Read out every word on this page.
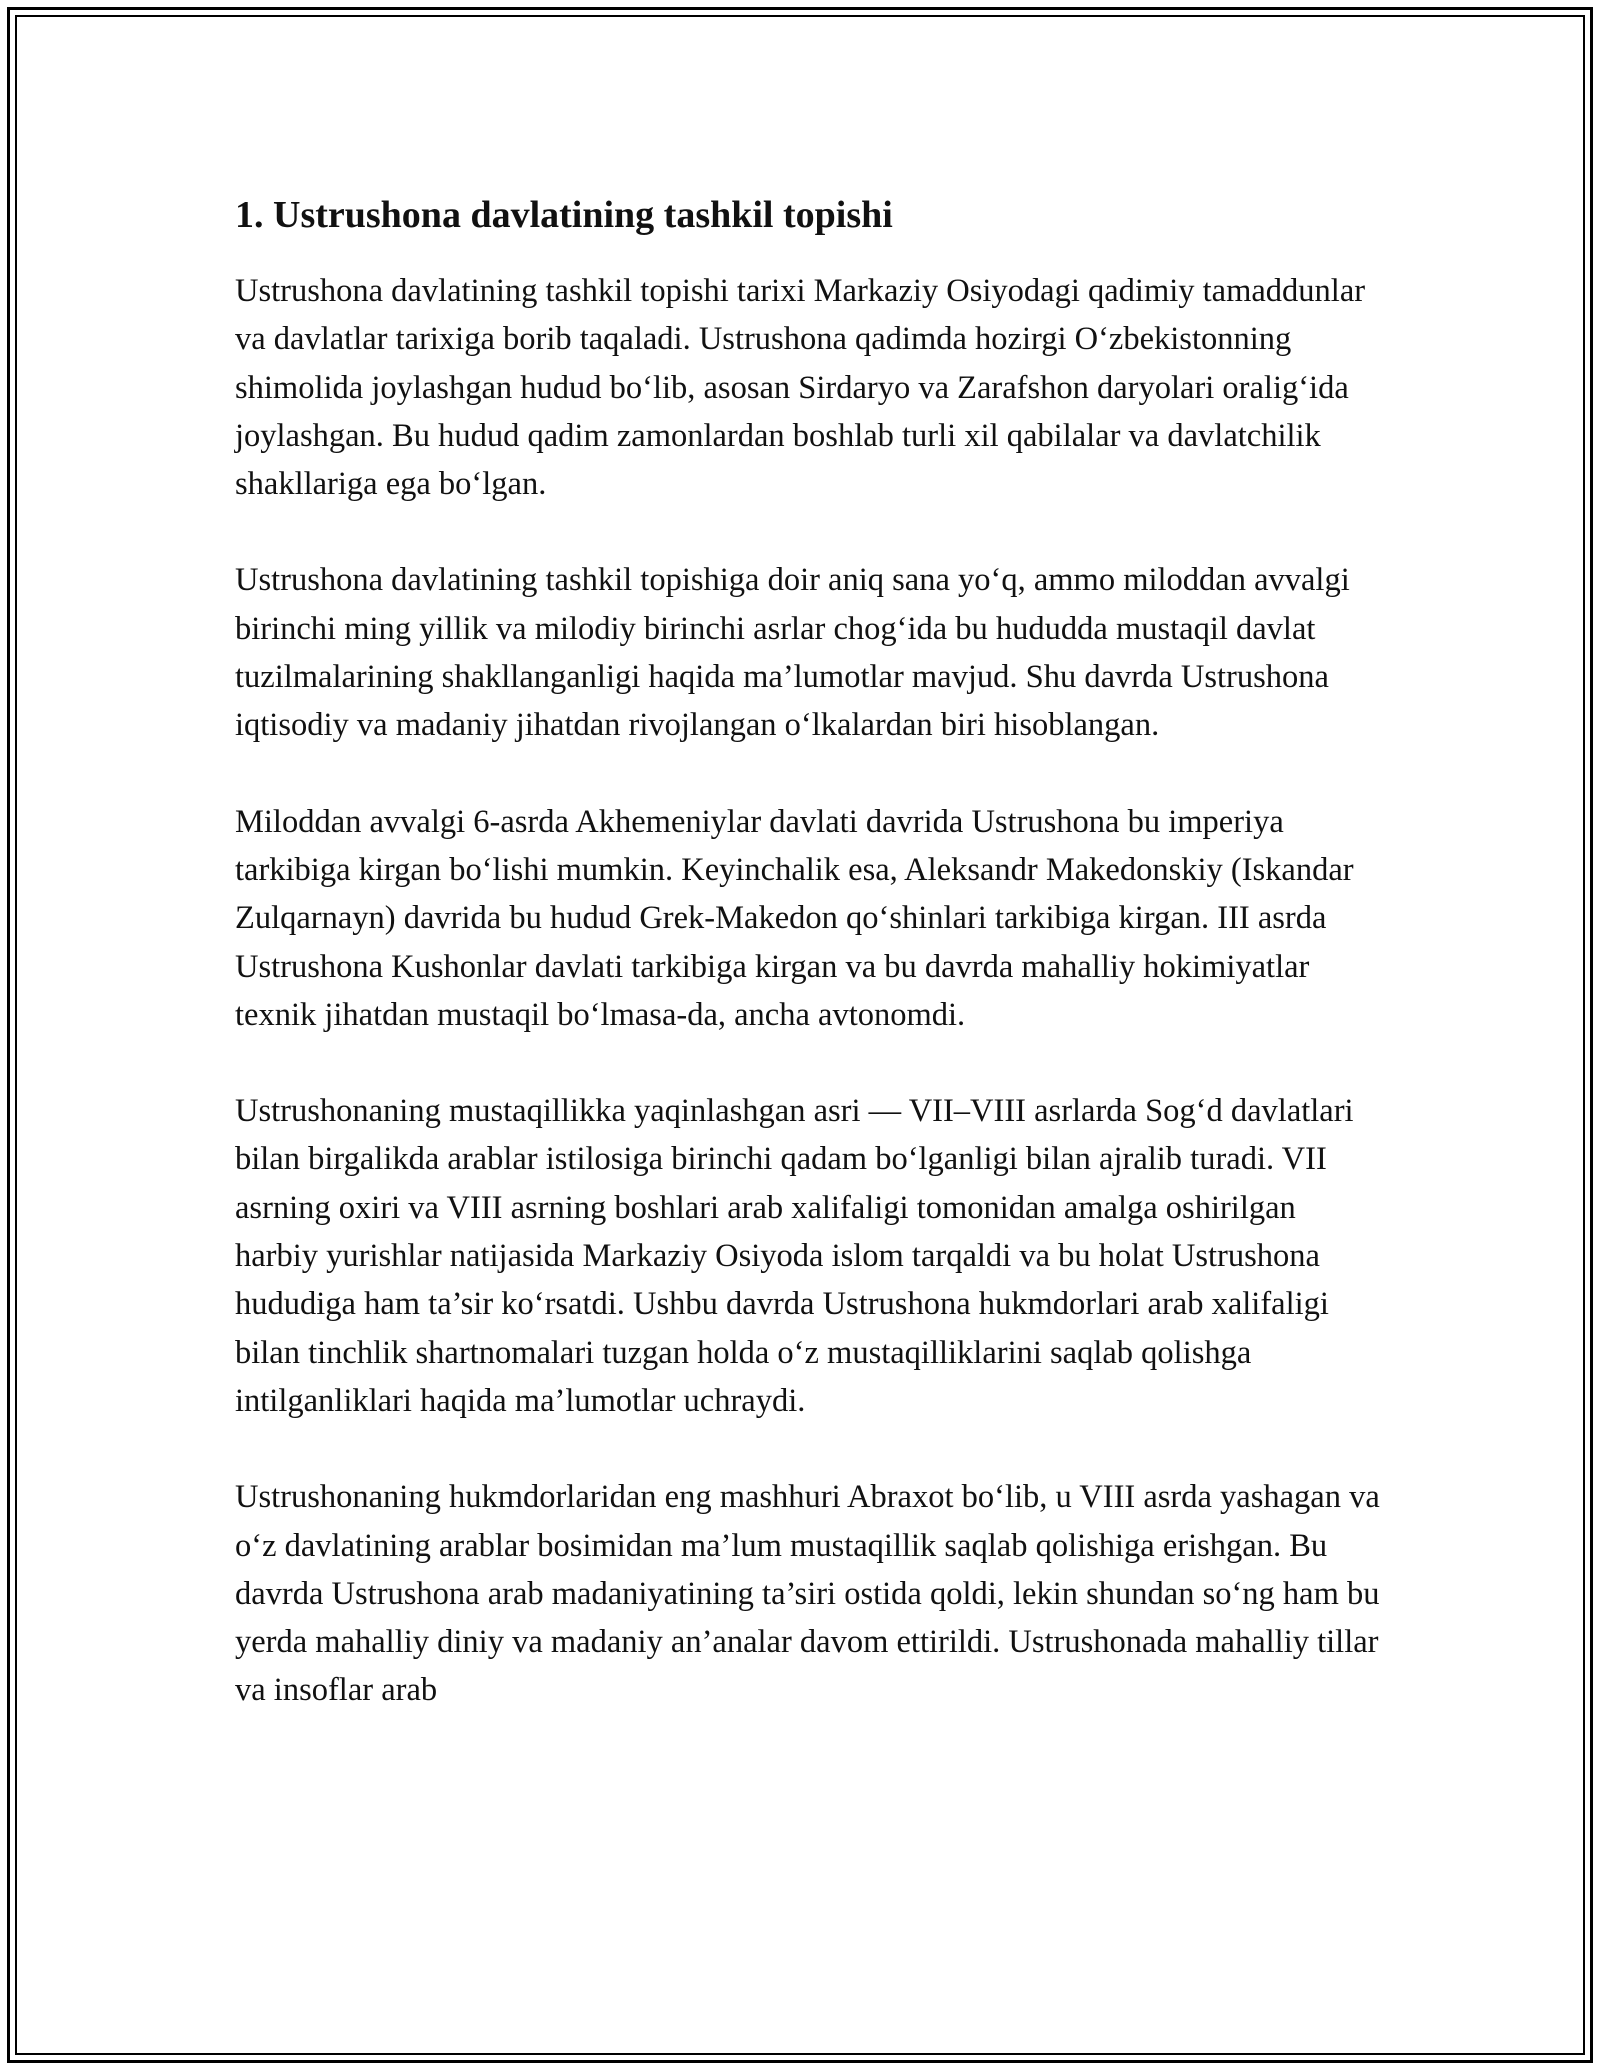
1. Ustrushona davlatining tashkil topishi

Ustrushona davlatining tashkil topishi tarixi Markaziy Osiyodagi qadimiy tamaddunlar va davlatlar tarixiga borib taqaladi. Ustrushona qadimda hozirgi O‘zbekistonning shimolida joylashgan hudud bo‘lib, asosan Sirdaryo va Zarafshon daryolari oralig‘ida joylashgan. Bu hudud qadim zamonlardan boshlab turli xil qabilalar va davlatchilik shakllariga ega bo‘lgan.

Ustrushona davlatining tashkil topishiga doir aniq sana yo‘q, ammo miloddan avvalgi birinchi ming yillik va milodiy birinchi asrlar chog‘ida bu hududda mustaqil davlat tuzilmalarining shakllanganligi haqida ma’lumotlar mavjud. Shu davrda Ustrushona iqtisodiy va madaniy jihatdan rivojlangan o‘lkalardan biri hisoblangan.

Miloddan avvalgi 6-asrda Akhemeniylar davlati davrida Ustrushona bu imperiya tarkibiga kirgan bo‘lishi mumkin. Keyinchalik esa, Aleksandr Makedonskiy (Iskandar Zulqarnayn) davrida bu hudud Grek-Makedon qo‘shinlari tarkibiga kirgan. III asrda Ustrushona Kushonlar davlati tarkibiga kirgan va bu davrda mahalliy hokimiyatlar texnik jihatdan mustaqil bo‘lmasa-da, ancha avtonomdi.

Ustrushonaning mustaqillikka yaqinlashgan asri — VII–VIII asrlarda Sog‘d davlatlari bilan birgalikda arablar istilosiga birinchi qadam bo‘lganligi bilan ajralib turadi. VII asrning oxiri va VIII asrning boshlari arab xalifaligi tomonidan amalga oshirilgan harbiy yurishlar natijasida Markaziy Osiyoda islom tarqaldi va bu holat Ustrushona hududiga ham ta’sir ko‘rsatdi. Ushbu davrda Ustrushona hukmdorlari arab xalifaligi bilan tinchlik shartnomalari tuzgan holda o‘z mustaqilliklarini saqlab qolishga intilganliklari haqida ma’lumotlar uchraydi.

Ustrushonaning hukmdorlaridan eng mashhuri Abraxot bo‘lib, u VIII asrda yashagan va o‘z davlatining arablar bosimidan ma’lum mustaqillik saqlab qolishiga erishgan. Bu davrda Ustrushona arab madaniyatining ta’siri ostida qoldi, lekin shundan so‘ng ham bu yerda mahalliy diniy va madaniy an’analar davom ettirildi. Ustrushonada mahalliy tillar va insoflar arab
